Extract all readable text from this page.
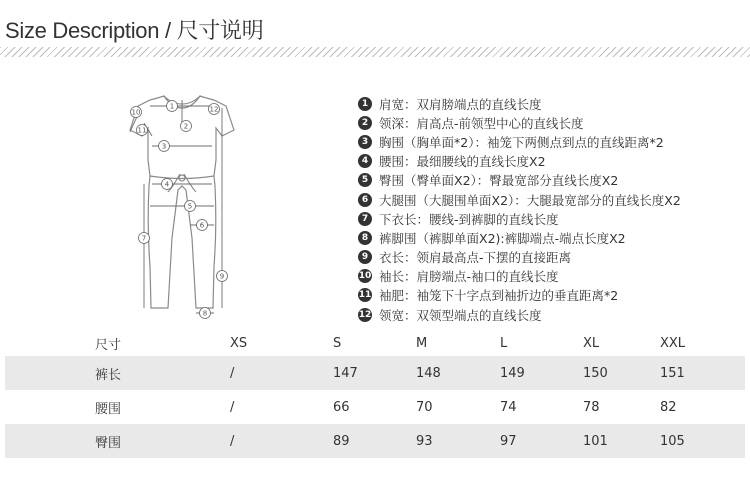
Size Description / 尺寸说明
1	12
2
11
3
10
4
5
6
7
9
8
1 肩宽：双肩膀端点的直线长度
2 领深：肩高点-前领型中心的直线长度
3 胸围（胸单面*2）：袖笼下两侧点到点的直线距离*2
4 腰围：最细腰线的直线长度X2
5 臀围（臀单面X2）：臀最宽部分直线长度X2
6 大腿围（大腿围单面X2）：大腿最宽部分的直线长度X2
7 下衣长：腰线-到裤脚的直线长度
8 裤脚围（裤脚单面X2):裤脚端点-端点长度X2
9 衣长：领肩最高点-下摆的直接距离
10 袖长：肩膀端点-袖口的直线长度
11 袖肥：袖笼下十字点到袖折边的垂直距离*2
12 领宽：双领型端点的直线长度
尺寸	XS	S	M	L	XL	XXL
裤长	/	147	148	149	150	151
腰围	/	66	70	74	78	82
臀围	/	89	93	97	101	105
